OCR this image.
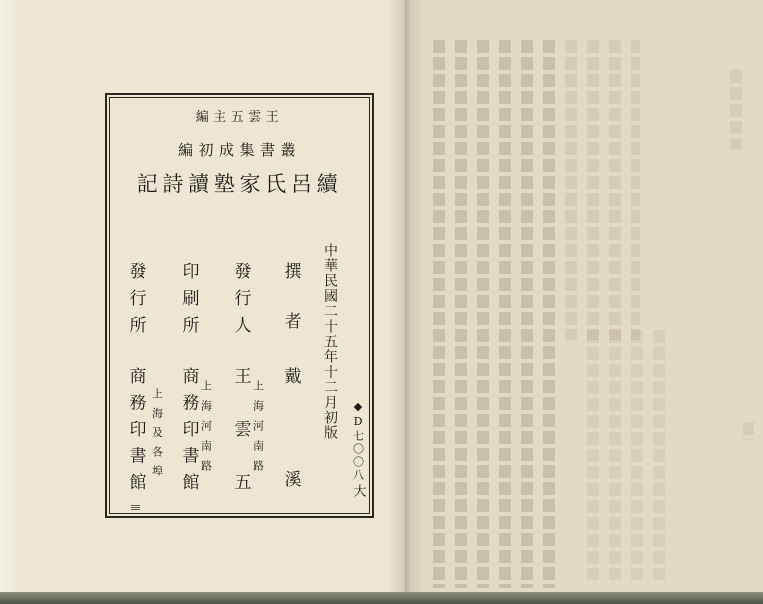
王雲五主編
叢書集成初編
續呂氏家塾讀詩記
中華民國二十五年十二月初版
撰者
戴溪
發行人
王雲五 上海河南路
印刷所
商務印書館 上海河南路
發行所
商務印書館 上海及各埠	◆D七〇〇八
大
